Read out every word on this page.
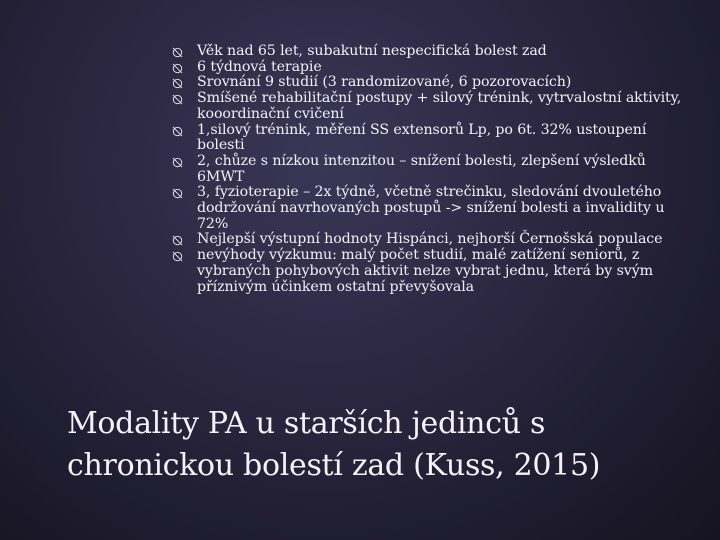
Věk nad 65 let, subakutní nespecifická bolest zad
6 týdnová terapie
Srovnání 9 studií (3 randomizované, 6 pozorovacích)
Smíšené rehabilitační postupy + silový trénink, vytrvalostní aktivity, kooordinační cvičení
1,silový trénink, měření SS extensorů Lp, po 6t. 32% ustoupení bolesti
2, chůze s nízkou intenzitou – snížení bolesti, zlepšení výsledků 6MWT
3, fyzioterapie – 2x týdně, včetně strečinku, sledování dvouletého dodržování navrhovaných postupů -> snížení bolesti a invalidity u 72%
Nejlepší výstupní hodnoty Hispánci, nejhorší Černošská populace
nevýhody výzkumu: malý počet studií, malé zatížení seniorů, z vybraných pohybových aktivit nelze vybrat jednu, která by svým příznivým účinkem ostatní převyšovala
Modality PA u starších jedinců s chronickou bolestí zad (Kuss, 2015)
